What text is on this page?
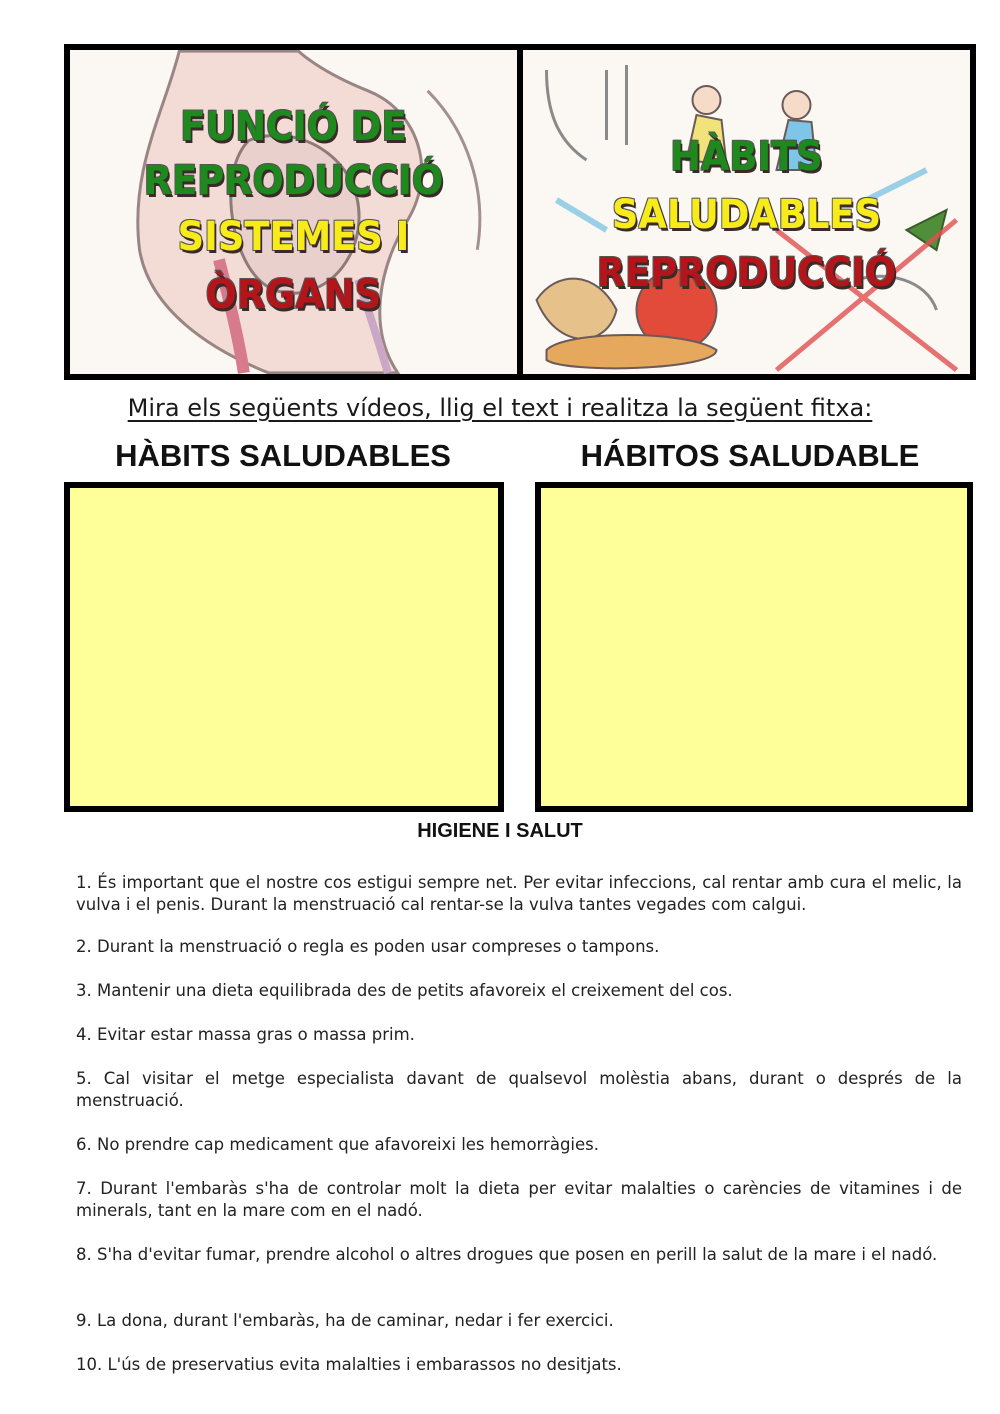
FUNCIÓ DE
REPRODUCCIÓ
SISTEMES I
ÒRGANS
HÀBITS
SALUDABLES
REPRODUCCIÓ
Mira els següents vídeos, llig el text i realitza la següent fitxa:
HÀBITS SALUDABLES	HÁBITOS SALUDABLE
HIGIENE I SALUT

1. És important que el nostre cos estigui sempre net. Per evitar infeccions, cal rentar amb cura el melic, la vulva i el penis. Durant la menstruació cal rentar-se la vulva tantes vegades com calgui.

2. Durant la menstruació o regla es poden usar compreses o tampons.

3. Mantenir una dieta equilibrada des de petits afavoreix el creixement del cos.

4. Evitar estar massa gras o massa prim.

5. Cal visitar el metge especialista davant de qualsevol molèstia abans, durant o després de la menstruació.

6. No prendre cap medicament que afavoreixi les hemorràgies.

7. Durant l'embaràs s'ha de controlar molt la dieta per evitar malalties o carències de vitamines i de minerals, tant en la mare com en el nadó.

8. S'ha d'evitar fumar, prendre alcohol o altres drogues que posen en perill la salut de la mare i el nadó.

9. La dona, durant l'embaràs, ha de caminar, nedar i fer exercici.

10. L'ús de preservatius evita malalties i embarassos no desitjats.
